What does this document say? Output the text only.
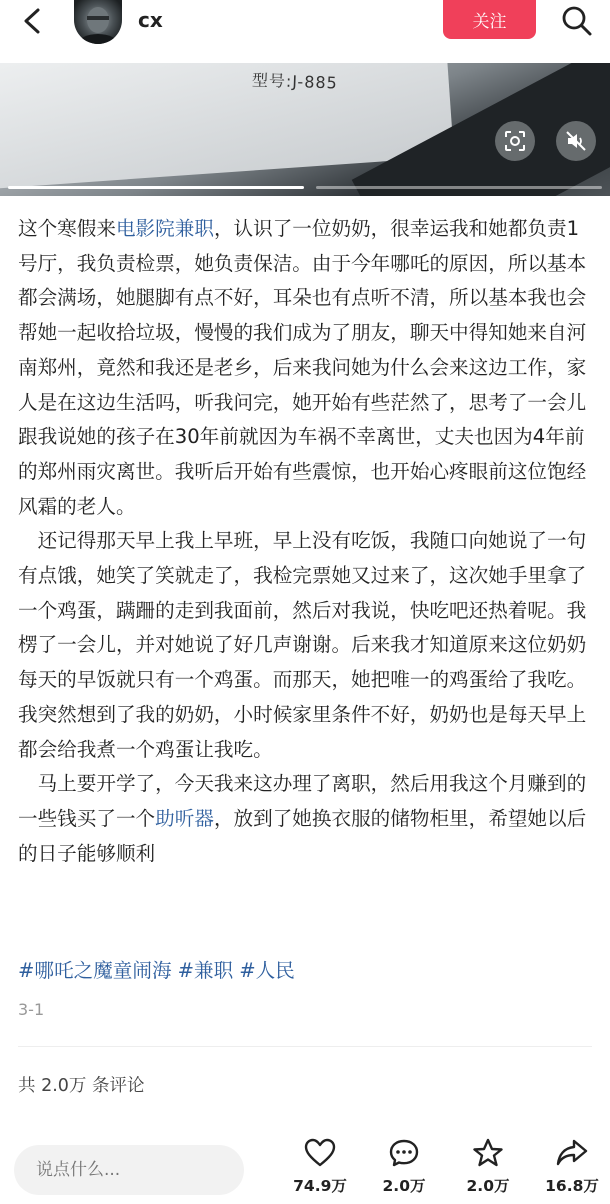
cx	关注
型号:J-885

这个寒假来电影院兼职，认识了一位奶奶，很幸运我和她都负责1号厅，我负责检票，她负责保洁。由于今年哪吒的原因，所以基本都会满场，她腿脚有点不好，耳朵也有点听不清，所以基本我也会帮她一起收拾垃圾，慢慢的我们成为了朋友，聊天中得知她来自河南郑州，竟然和我还是老乡，后来我问她为什么会来这边工作，家人是在这边生活吗，听我问完，她开始有些茫然了，思考了一会儿跟我说她的孩子在30年前就因为车祸不幸离世，丈夫也因为4年前的郑州雨灾离世。我听后开始有些震惊，也开始心疼眼前这位饱经风霜的老人。

　还记得那天早上我上早班，早上没有吃饭，我随口向她说了一句有点饿，她笑了笑就走了，我检完票她又过来了，这次她手里拿了一个鸡蛋，蹒跚的走到我面前，然后对我说，快吃吧还热着呢。我楞了一会儿，并对她说了好几声谢谢。后来我才知道原来这位奶奶每天的早饭就只有一个鸡蛋。而那天，她把唯一的鸡蛋给了我吃。我突然想到了我的奶奶，小时候家里条件不好，奶奶也是每天早上都会给我煮一个鸡蛋让我吃。

　马上要开学了，今天我来这办理了离职，然后用我这个月赚到的一些钱买了一个助听器，放到了她换衣服的储物柜里，希望她以后的日子能够顺利

#哪吒之魔童闹海 #兼职 #人民
3-1
共 2.0万 条评论
说点什么...
74.9万	2.0万	2.0万	16.8万
